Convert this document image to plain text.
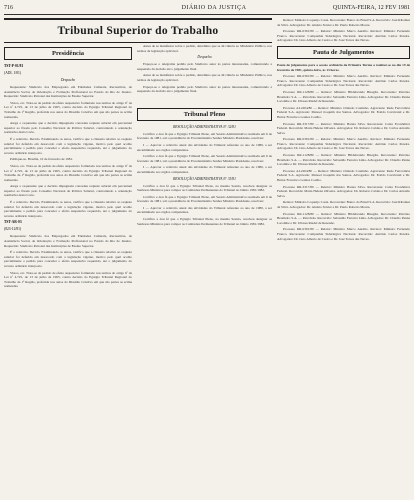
716	DIÁRIO DA JUSTIÇA	QUINTA-FEIRA, 12 FEV 1981
Tribunal Superior do Trabalho
Presidência
TST-P-01/81
(ADL 1/81)
Despacho

Requerente: Sindicato dos Empregados em Entidades Culturais, Recreativas, de Assistência Social, de Orientação e Formação Profissional no Estado do Rio de Janeiro. Requerido: Sindicato Patronal das Instituições de Ensino Superior.

Vistos, etc. Trata-se de pedido de efeito suspensivo formulado nos termos do artigo 6º da Lei nº 4.725, de 13 de julho de 1965, contra decisão do Egrégio Tribunal Regional do Trabalho da 1ª Região, proferida nos autos do Dissídio Coletivo em que são partes as acima nomeadas.

Alega o requerente que a decisão impugnada concedeu reajuste salarial em percentual superior ao fixado pelo Conselho Nacional de Política Salarial, contrariando a orientação normativa desta Corte.

É o relatório. Decido. Examinando os autos, verifico que a cláusula relativa ao reajuste salarial foi deferida em desacordo com a legislação vigente, motivo pelo qual acolho parcialmente o pedido para conceder o efeito suspensivo requerido, até o julgamento do recurso ordinário interposto.

Publique-se. Brasília, 10 de fevereiro de 1981.

Vistos, etc. Trata-se de pedido de efeito suspensivo formulado nos termos do artigo 6º da Lei nº 4.725, de 13 de julho de 1965, contra decisão do Egrégio Tribunal Regional do Trabalho da 1ª Região, proferida nos autos do Dissídio Coletivo em que são partes as acima nomeadas.

Alega o requerente que a decisão impugnada concedeu reajuste salarial em percentual superior ao fixado pelo Conselho Nacional de Política Salarial, contrariando a orientação normativa desta Corte.

É o relatório. Decido. Examinando os autos, verifico que a cláusula relativa ao reajuste salarial foi deferida em desacordo com a legislação vigente, motivo pelo qual acolho parcialmente o pedido para conceder o efeito suspensivo requerido, até o julgamento do recurso ordinário interposto.

TST-AR-03
(823-12/81)

Requerente: Sindicato dos Empregados em Entidades Culturais, Recreativas, de Assistência Social, de Orientação e Formação Profissional no Estado do Rio de Janeiro. Requerido: Sindicato Patronal das Instituições de Ensino Superior.

É o relatório. Decido. Examinando os autos, verifico que a cláusula relativa ao reajuste salarial foi deferida em desacordo com a legislação vigente, motivo pelo qual acolho parcialmente o pedido para conceder o efeito suspensivo requerido, até o julgamento do recurso ordinário interposto.

Vistos, etc. Trata-se de pedido de efeito suspensivo formulado nos termos do artigo 6º da Lei nº 4.725, de 13 de julho de 1965, contra decisão do Egrégio Tribunal Regional do Trabalho da 1ª Região, proferida nos autos do Dissídio Coletivo em que são partes as acima nomeadas.

Antes de se manifestar sobre o pedido, determino que se dê ciência ao Ministério Público, nos termos da legislação aplicável.

Despacho

Expeça-se o telegrama pedido pelo Sindicato autor às partes interessadas, comunicando a suspensão da decisão até o julgamento final.

Antes de se manifestar sobre o pedido, determino que se dê ciência ao Ministério Público, nos termos da legislação aplicável.

Expeça-se o telegrama pedido pelo Sindicato autor às partes interessadas, comunicando a suspensão da decisão até o julgamento final.

Tribunal Pleno
RESOLUÇÃO ADMINISTRATIVA Nº 32/81

Certifico e dou fé que o Egrégio Tribunal Pleno, em Sessão Administrativa realizada em 6 de fevereiro de 1981, sob a presidência do Excelentíssimo Senhor Ministro Presidente, resolveu:

I — Aprovar o relatório anual das atividades do Tribunal referente ao ano de 1980, a ser encaminhado aos órgãos competentes.

Certifico e dou fé que o Egrégio Tribunal Pleno, em Sessão Administrativa realizada em 6 de fevereiro de 1981, sob a presidência do Excelentíssimo Senhor Ministro Presidente, resolveu:

I — Aprovar o relatório anual das atividades do Tribunal referente ao ano de 1980, a ser encaminhado aos órgãos competentes.

RESOLUÇÃO ADMINISTRATIVA Nº 33/81

Certifico e dou fé que o Egrégio Tribunal Pleno, na mesma Sessão, resolveu designar os Senhores Ministros para compor as Comissões Permanentes do Tribunal no biênio 1981/1982.

Certifico e dou fé que o Egrégio Tribunal Pleno, em Sessão Administrativa realizada em 6 de fevereiro de 1981, sob a presidência do Excelentíssimo Senhor Ministro Presidente, resolveu:

I — Aprovar o relatório anual das atividades do Tribunal referente ao ano de 1980, a ser encaminhado aos órgãos competentes.

Certifico e dou fé que o Egrégio Tribunal Pleno, na mesma Sessão, resolveu designar os Senhores Ministros para compor as Comissões Permanentes do Tribunal no biênio 1981/1982.

Relator: Ministro Coqueijo Costa. Recorrente: Banco do Brasil S.A. Recorrido: José Ribamar da Silva. Advogados: Dr. Aluisio Xavier e Dr. Paulo Roberto Moura.

Processo RR-0391/80 — Relator: Ministro Marco Aurélio. Revisor: Ministro Fernando Franco. Recorrente: Companhia Siderúrgica Nacional. Recorrido: Antônio Carlos Pereira. Advogados: Dr. Lino Alberto de Castro e Dr. José Torres das Neves.

Pauta de Julgamentos

Pauta de julgamento para a sessão ordinária da Primeira Turma a realizar-se no dia 19 de fevereiro de 1981, quinta-feira, às 13 horas.

Processo RR-0391/80 — Relator: Ministro Marco Aurélio. Revisor: Ministro Fernando Franco. Recorrente: Companhia Siderúrgica Nacional. Recorrido: Antônio Carlos Pereira. Advogados: Dr. Lino Alberto de Castro e Dr. José Torres das Neves.

Processo RR-1128/80 — Relator: Ministro Hildebrando Bisaglia. Recorrente: Petróleo Brasileiro S.A. — Petrobrás. Recorrido: Sebastião Ferreira Lima. Advogados: Dr. Cláudio Penna Lacombe e Dr. Ulisses Riedel de Resende.

Processo AI-2204/80 — Relator: Ministro Orlando Coutinho. Agravante: Rede Ferroviária Federal S.A. Agravado: Manoel Joaquim dos Santos. Advogados: Dr. Eraldo Cavalcanti e Dr. Heitor Francisco Gomes Coelho.

Processo RR-3317/80 — Relator: Ministro Barata Silva. Recorrente: Caixa Econômica Federal. Recorrida: Maria Helena Oliveira. Advogados: Dr. Roberto Caldas e Dr. Carlos Arnaldo Selva.

Processo RR-0391/80 — Relator: Ministro Marco Aurélio. Revisor: Ministro Fernando Franco. Recorrente: Companhia Siderúrgica Nacional. Recorrido: Antônio Carlos Pereira. Advogados: Dr. Lino Alberto de Castro e Dr. José Torres das Neves.

Processo RR-1128/80 — Relator: Ministro Hildebrando Bisaglia. Recorrente: Petróleo Brasileiro S.A. — Petrobrás. Recorrido: Sebastião Ferreira Lima. Advogados: Dr. Cláudio Penna Lacombe e Dr. Ulisses Riedel de Resende.

Processo AI-2204/80 — Relator: Ministro Orlando Coutinho. Agravante: Rede Ferroviária Federal S.A. Agravado: Manoel Joaquim dos Santos. Advogados: Dr. Eraldo Cavalcanti e Dr. Heitor Francisco Gomes Coelho.

Processo RR-3317/80 — Relator: Ministro Barata Silva. Recorrente: Caixa Econômica Federal. Recorrida: Maria Helena Oliveira. Advogados: Dr. Roberto Caldas e Dr. Carlos Arnaldo Selva.

Relator: Ministro Coqueijo Costa. Recorrente: Banco do Brasil S.A. Recorrido: José Ribamar da Silva. Advogados: Dr. Aluisio Xavier e Dr. Paulo Roberto Moura.

Processo RR-1128/80 — Relator: Ministro Hildebrando Bisaglia. Recorrente: Petróleo Brasileiro S.A. — Petrobrás. Recorrido: Sebastião Ferreira Lima. Advogados: Dr. Cláudio Penna Lacombe e Dr. Ulisses Riedel de Resende.

Processo RR-0391/80 — Relator: Ministro Marco Aurélio. Revisor: Ministro Fernando Franco. Recorrente: Companhia Siderúrgica Nacional. Recorrido: Antônio Carlos Pereira. Advogados: Dr. Lino Alberto de Castro e Dr. José Torres das Neves.
